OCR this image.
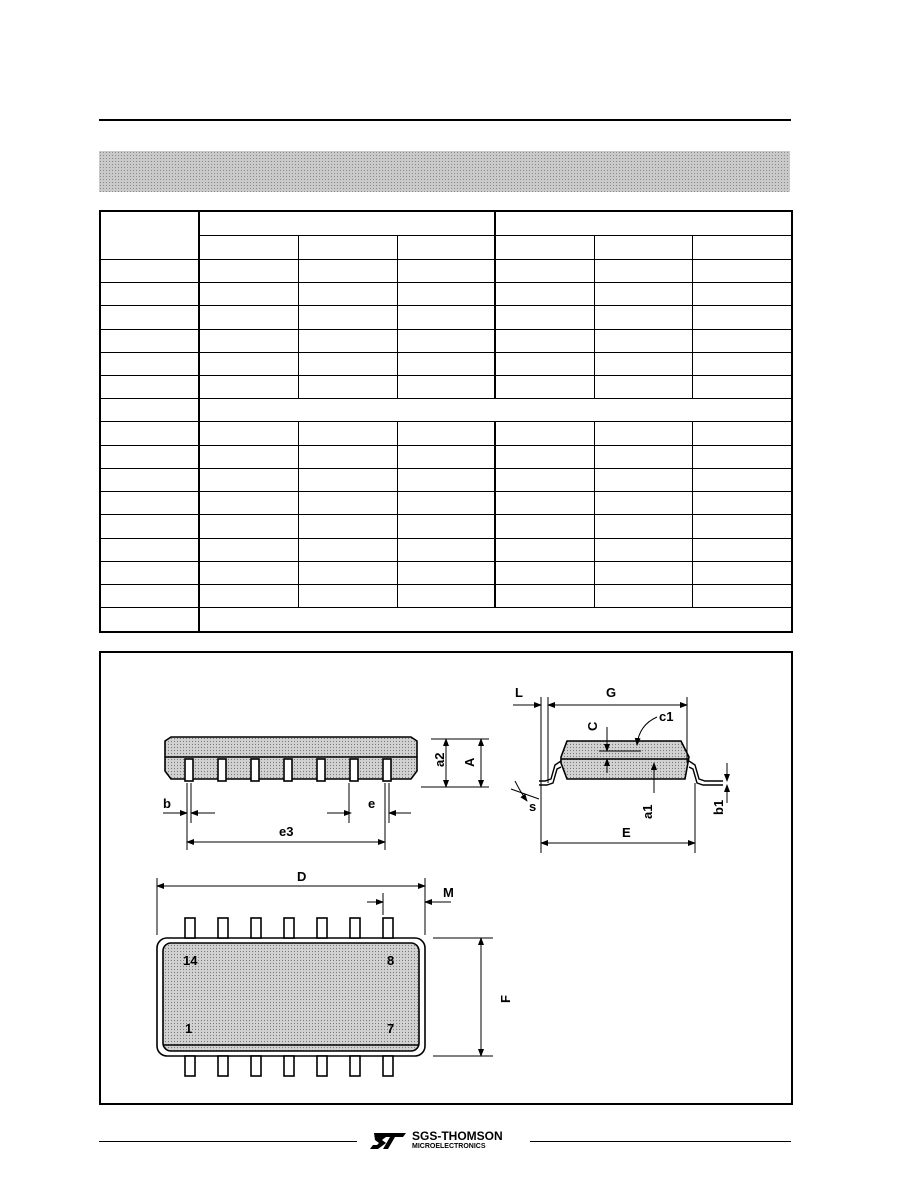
L	G
C
c1
a2 A
b	e
e3
s	a1	b1
E
D
M
F
14	8
1	7
SGS-THOMSON
MICROELECTRONICS
